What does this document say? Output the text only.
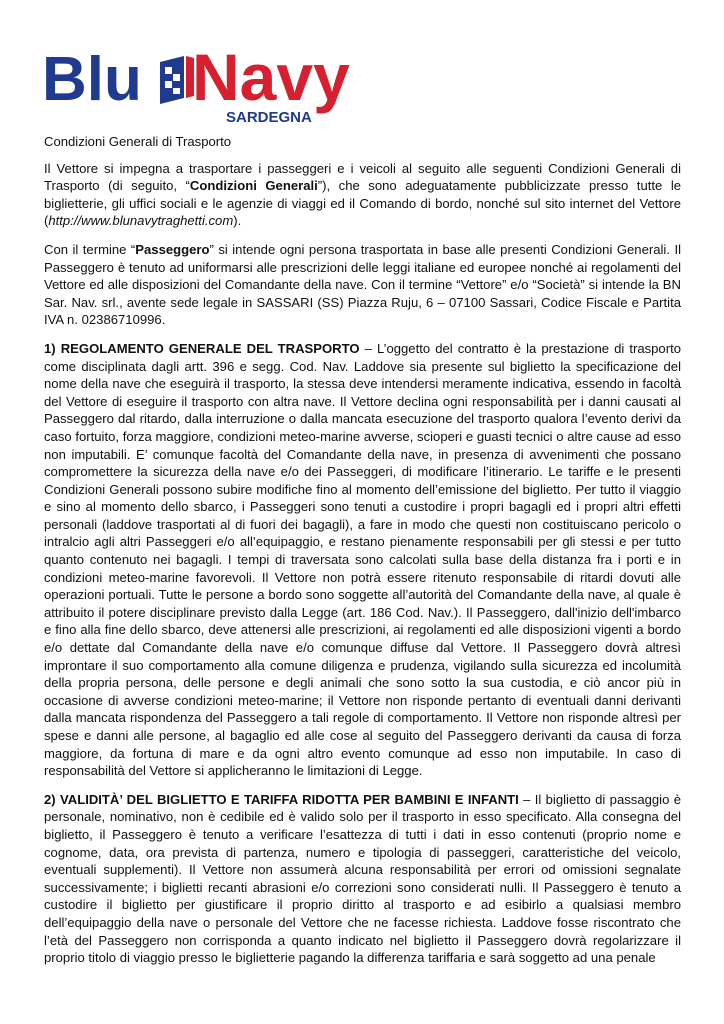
Blu Navy
SARDEGNA

Condizioni Generali di Trasporto

Il Vettore si impegna a trasportare i passeggeri e i veicoli al seguito alle seguenti Condizioni Generali di Trasporto (di seguito, “Condizioni Generali”), che sono adeguatamente pubblicizzate presso tutte le biglietterie, gli uffici sociali e le agenzie di viaggi ed il Comando di bordo, nonché sul sito internet del Vettore (http://www.blunavytraghetti.com).

Con il termine “Passeggero” si intende ogni persona trasportata in base alle presenti Condizioni Generali. Il Passeggero è tenuto ad uniformarsi alle prescrizioni delle leggi italiane ed europee nonché ai regolamenti del Vettore ed alle disposizioni del Comandante della nave. Con il termine “Vettore” e/o “Società” si intende la BN Sar. Nav. srl., avente sede legale in SASSARI (SS) Piazza Ruju, 6 – 07100 Sassari, Codice Fiscale e Partita IVA n. 02386710996.

1) REGOLAMENTO GENERALE DEL TRASPORTO – L’oggetto del contratto è la prestazione di trasporto come disciplinata dagli artt. 396 e segg. Cod. Nav. Laddove sia presente sul biglietto la specificazione del nome della nave che eseguirà il trasporto, la stessa deve intendersi meramente indicativa, essendo in facoltà del Vettore di eseguire il trasporto con altra nave. Il Vettore declina ogni responsabilità per i danni causati al Passeggero dal ritardo, dalla interruzione o dalla mancata esecuzione del trasporto qualora l’evento derivi da caso fortuito, forza maggiore, condizioni meteo-marine avverse, scioperi e guasti tecnici o altre cause ad esso non imputabili. E’ comunque facoltà del Comandante della nave, in presenza di avvenimenti che possano compromettere la sicurezza della nave e/o dei Passeggeri, di modificare l’itinerario. Le tariffe e le presenti Condizioni Generali possono subire modifiche fino al momento dell’emissione del biglietto. Per tutto il viaggio e sino al momento dello sbarco, i Passeggeri sono tenuti a custodire i propri bagagli ed i propri altri effetti personali (laddove trasportati al di fuori dei bagagli), a fare in modo che questi non costituiscano pericolo o intralcio agli altri Passeggeri e/o all’equipaggio, e restano pienamente responsabili per gli stessi e per tutto quanto contenuto nei bagagli. I tempi di traversata sono calcolati sulla base della distanza fra i porti e in condizioni meteo-marine favorevoli. Il Vettore non potrà essere ritenuto responsabile di ritardi dovuti alle operazioni portuali. Tutte le persone a bordo sono soggette all’autorità del Comandante della nave, al quale è attribuito il potere disciplinare previsto dalla Legge (art. 186 Cod. Nav.). Il Passeggero, dall'inizio dell'imbarco e fino alla fine dello sbarco, deve attenersi alle prescrizioni, ai regolamenti ed alle disposizioni vigenti a bordo e/o dettate dal Comandante della nave e/o comunque diffuse dal Vettore. Il Passeggero dovrà altresì improntare il suo comportamento alla comune diligenza e prudenza, vigilando sulla sicurezza ed incolumità della propria persona, delle persone e degli animali che sono sotto la sua custodia, e ciò ancor più in occasione di avverse condizioni meteo-marine; il Vettore non risponde pertanto di eventuali danni derivanti dalla mancata rispondenza del Passeggero a tali regole di comportamento. Il Vettore non risponde altresì per spese e danni alle persone, al bagaglio ed alle cose al seguito del Passeggero derivanti da causa di forza maggiore, da fortuna di mare e da ogni altro evento comunque ad esso non imputabile. In caso di responsabilità del Vettore si applicheranno le limitazioni di Legge.

2) VALIDITÀ’ DEL BIGLIETTO E TARIFFA RIDOTTA PER BAMBINI E INFANTI – Il biglietto di passaggio è personale, nominativo, non è cedibile ed è valido solo per il trasporto in esso specificato. Alla consegna del biglietto, il Passeggero è tenuto a verificare l’esattezza di tutti i dati in esso contenuti (proprio nome e cognome, data, ora prevista di partenza, numero e tipologia di passeggeri, caratteristiche del veicolo, eventuali supplementi). Il Vettore non assumerà alcuna responsabilità per errori od omissioni segnalate successivamente; i biglietti recanti abrasioni e/o correzioni sono considerati nulli. Il Passeggero è tenuto a custodire il biglietto per giustificare il proprio diritto al trasporto e ad esibirlo a qualsiasi membro dell’equipaggio della nave o personale del Vettore che ne facesse richiesta. Laddove fosse riscontrato che l’età del Passeggero non corrisponda a quanto indicato nel biglietto il Passeggero dovrà regolarizzare il proprio titolo di viaggio presso le biglietterie pagando la differenza tariffaria e sarà soggetto ad una penale
